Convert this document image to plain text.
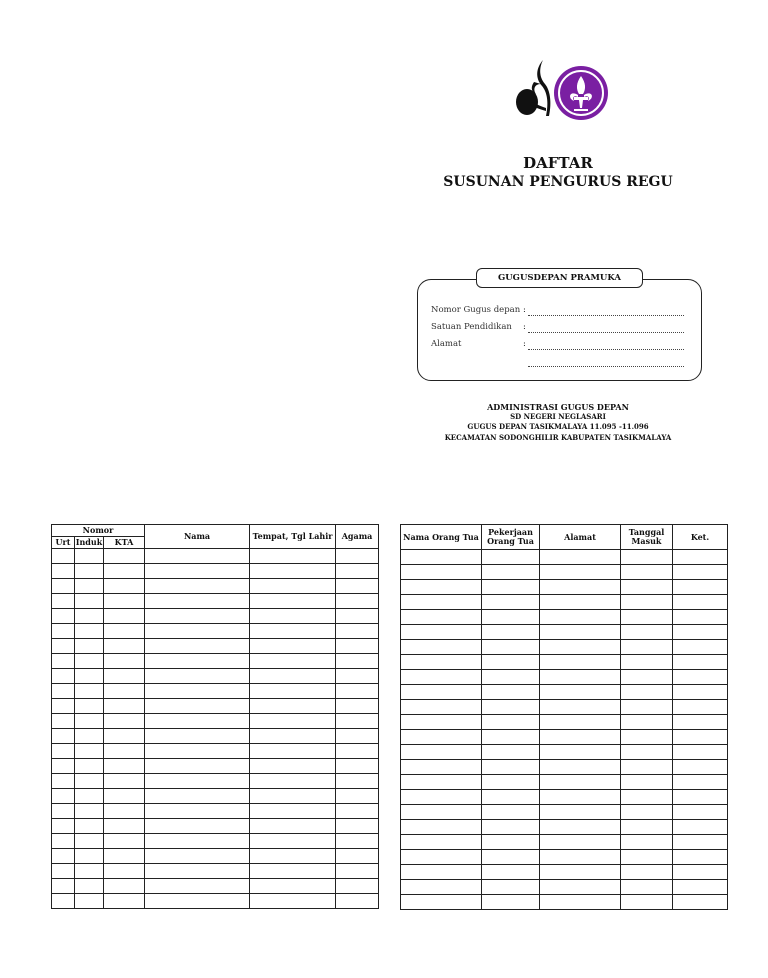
DAFTAR
SUSUNAN PENGURUS REGU
GUGUSDEPAN PRAMUKA
Nomor Gugus depan :
Satuan Pendidikan	:
Alamat	:
ADMINISTRASI GUGUS DEPAN
SD NEGERI NEGLASARI
GUGUS DEPAN TASIKMALAYA 11.095 -11.096
KECAMATAN SODONGHILIR KABUPATEN TASIKMALAYA
Nomor			Nama	Tempat, Tgl Lahir	Agama
Urt	Induk	KTA			

Nama Orang Tua	Pekerjaan Orang Tua	Alamat	Tanggal Masuk	Ket.
